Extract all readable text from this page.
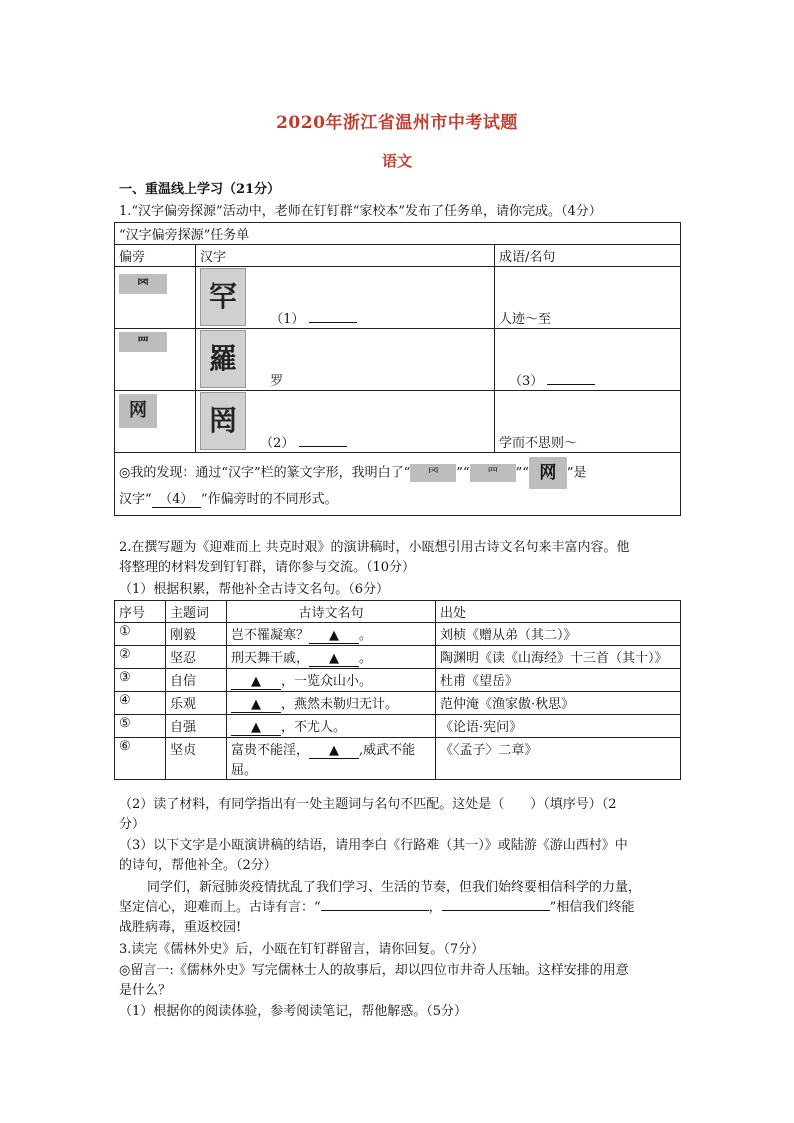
2020年浙江省温州市中考试题
语文
一、重温线上学习（21分）
1.“汉字偏旁探源”活动中，老师在钉钉群“家校本”发布了任务单，请你完成。（4分）
“汉字偏旁探源”任务单		
偏旁	汉字	成语/名句
罓	罕 （1）	人迹～至
罒	羅 罗	（3）
网	罔 （2）	学而不思则～
◎我的发现：通过“汉字”栏的篆文字形，我明白了“ 罓 ”“ 罒 ”“ 网 ”是
汉字“ （4） ”作偏旁时的不同形式。		
2.在撰写题为《迎难而上 共克时艰》的演讲稿时，小瓯想引用古诗文名句来丰富内容。他
将整理的材料发到钉钉群，请你参与交流。（10分）
（1）根据积累，帮他补全古诗文名句。（6分）
序号	主题词	古诗文名句	出处
①	刚毅	岂不罹凝寒？ ▲ 。	刘桢《赠从弟（其二）》
②	坚忍	刑天舞干戚， ▲ 。	陶渊明《读《山海经》十三首（其十）》
③	自信	▲ ，一览众山小。	杜甫《望岳》
④	乐观	▲ ，燕然未勒归无计。	范仲淹《渔家傲·秋思》
⑤	自强	▲ ，不尤人。	《论语·宪问》
⑥	坚贞	富贵不能淫， ▲ ,威武不能屈。	《〈孟子〉二章》
（2）读了材料，有同学指出有一处主题词与名句不匹配。这处是（　　）（填序号）（2
分）
（3）以下文字是小瓯演讲稿的结语，请用李白《行路难（其一）》或陆游《游山西村》中
的诗句，帮他补全。（2分）
同学们，新冠肺炎疫情扰乱了我们学习、生活的节奏，但我们始终要相信科学的力量，
坚定信心，迎难而上。古诗有言：“	，	”相信我们终能
战胜病毒，重返校园!
3.读完《儒林外史》后，小瓯在钉钉群留言，请你回复。（7分）
◎留言一:《儒林外史》写完儒林士人的故事后，却以四位市井奇人压轴。这样安排的用意
是什么？
（1）根据你的阅读体验，参考阅读笔记，帮他解惑。（5分）
